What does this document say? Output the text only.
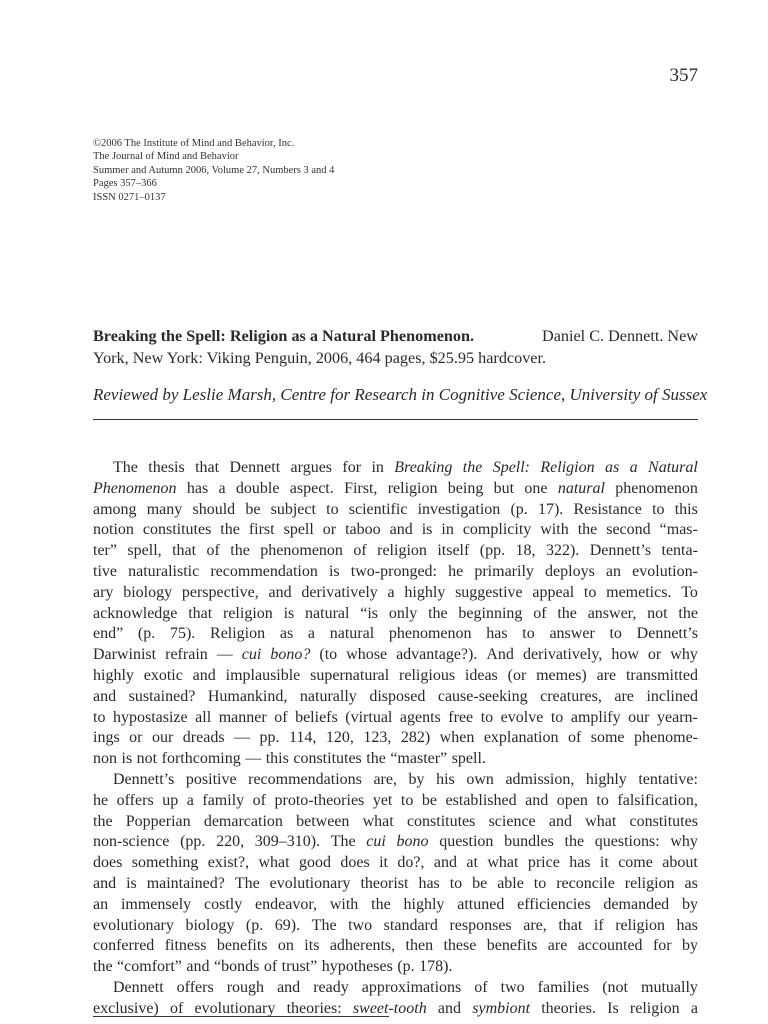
357
©2006 The Institute of Mind and Behavior, Inc.
The Journal of Mind and Behavior
Summer and Autumn 2006, Volume 27, Numbers 3 and 4
Pages 357–366
ISSN 0271–0137
Breaking the Spell: Religion as a Natural Phenomenon.	Daniel C. Dennett. New
York, New York: Viking Penguin, 2006, 464 pages, $25.95 hardcover.
Reviewed by Leslie Marsh, Centre for Research in Cognitive Science, University of Sussex
The thesis that Dennett argues for in Breaking the Spell: Religion as a Natural
Phenomenon has a double aspect. First, religion being but one natural phenomenon
among many should be subject to scientific investigation (p. 17). Resistance to this
notion constitutes the first spell or taboo and is in complicity with the second “mas-
ter” spell, that of the phenomenon of religion itself (pp. 18, 322). Dennett’s tenta-
tive naturalistic recommendation is two-pronged: he primarily deploys an evolution-
ary biology perspective, and derivatively a highly suggestive appeal to memetics. To
acknowledge that religion is natural “is only the beginning of the answer, not the
end” (p. 75). Religion as a natural phenomenon has to answer to Dennett’s
Darwinist refrain — cui bono? (to whose advantage?). And derivatively, how or why
highly exotic and implausible supernatural religious ideas (or memes) are transmitted
and sustained? Humankind, naturally disposed cause-seeking creatures, are inclined
to hypostasize all manner of beliefs (virtual agents free to evolve to amplify our yearn-
ings or our dreads — pp. 114, 120, 123, 282) when explanation of some phenome-
non is not forthcoming — this constitutes the “master” spell.
Dennett’s positive recommendations are, by his own admission, highly tentative:
he offers up a family of proto-theories yet to be established and open to falsification,
the Popperian demarcation between what constitutes science and what constitutes
non-science (pp. 220, 309–310). The cui bono question bundles the questions: why
does something exist?, what good does it do?, and at what price has it come about
and is maintained? The evolutionary theorist has to be able to reconcile religion as
an immensely costly endeavor, with the highly attuned efficiencies demanded by
evolutionary biology (p. 69). The two standard responses are, that if religion has
conferred fitness benefits on its adherents, then these benefits are accounted for by
the “comfort” and “bonds of trust” hypotheses (p. 178).
Dennett offers rough and ready approximations of two families (not mutually
exclusive) of evolutionary theories: sweet-tooth and symbiont theories. Is religion a
